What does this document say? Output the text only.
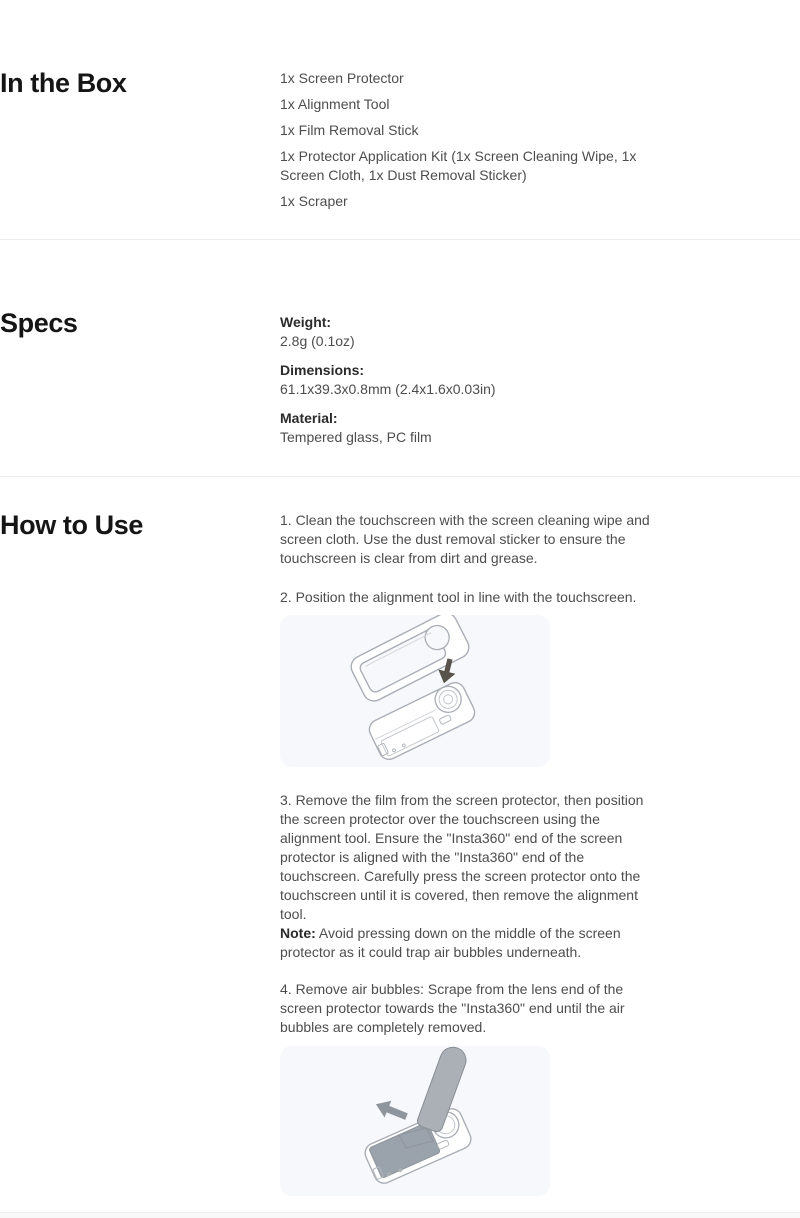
In the Box	1x Screen Protector

1x Alignment Tool

1x Film Removal Stick

1x Protector Application Kit (1x Screen Cleaning Wipe, 1x Screen Cloth, 1x Dust Removal Sticker)

1x Scraper

Specs	Weight:
2.8g (0.1oz)
Dimensions:
61.1x39.3x0.8mm (2.4x1.6x0.03in)
Material:
Tempered glass, PC film
How to Use	1. Clean the touchscreen with the screen cleaning wipe and screen cloth. Use the dust removal sticker to ensure the touchscreen is clear from dirt and grease.

2. Position the alignment tool in line with the touchscreen.

3. Remove the film from the screen protector, then position the screen protector over the touchscreen using the alignment tool. Ensure the "Insta360" end of the screen protector is aligned with the "Insta360" end of the touchscreen. Carefully press the screen protector onto the touchscreen until it is covered, then remove the alignment tool.
Note: Avoid pressing down on the middle of the screen protector as it could trap air bubbles underneath.

4. Remove air bubbles: Scrape from the lens end of the screen protector towards the "Insta360" end until the air bubbles are completely removed.
